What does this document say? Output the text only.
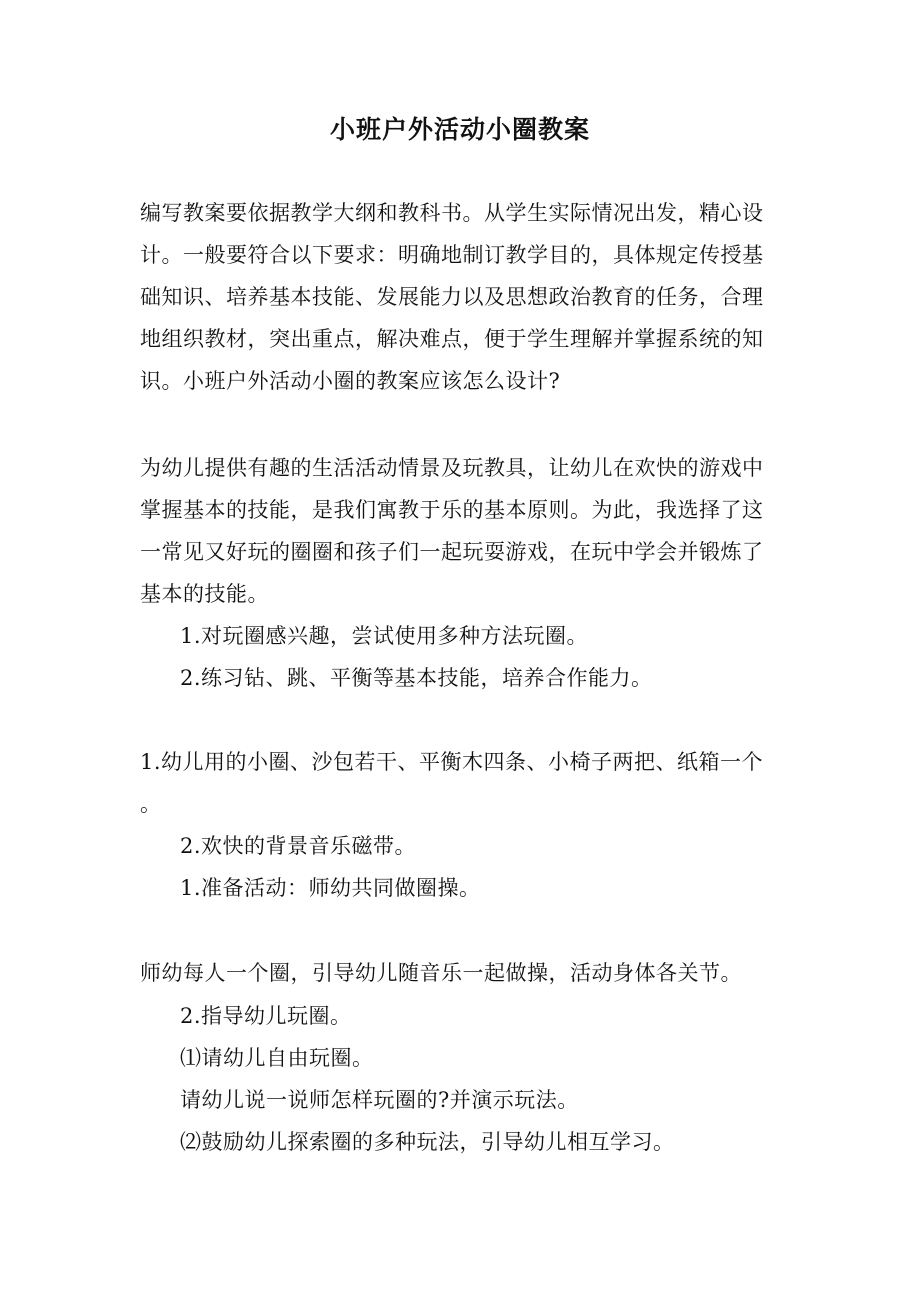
小班户外活动小圈教案
编写教案要依据教学大纲和教科书。从学生实际情况出发，精心设
计。一般要符合以下要求：明确地制订教学目的，具体规定传授基
础知识、培养基本技能、发展能力以及思想政治教育的任务，合理
地组织教材，突出重点，解决难点，便于学生理解并掌握系统的知
识。小班户外活动小圈的教案应该怎么设计?
为幼儿提供有趣的生活活动情景及玩教具，让幼儿在欢快的游戏中
掌握基本的技能，是我们寓教于乐的基本原则。为此，我选择了这
一常见又好玩的圈圈和孩子们一起玩耍游戏，在玩中学会并锻炼了
基本的技能。
1.对玩圈感兴趣，尝试使用多种方法玩圈。
2.练习钻、跳、平衡等基本技能，培养合作能力。
1.幼儿用的小圈、沙包若干、平衡木四条、小椅子两把、纸箱一个
。
2.欢快的背景音乐磁带。
1.准备活动：师幼共同做圈操。
师幼每人一个圈，引导幼儿随音乐一起做操，活动身体各关节。
2.指导幼儿玩圈。
⑴请幼儿自由玩圈。
请幼儿说一说师怎样玩圈的?并演示玩法。
⑵鼓励幼儿探索圈的多种玩法，引导幼儿相互学习。
